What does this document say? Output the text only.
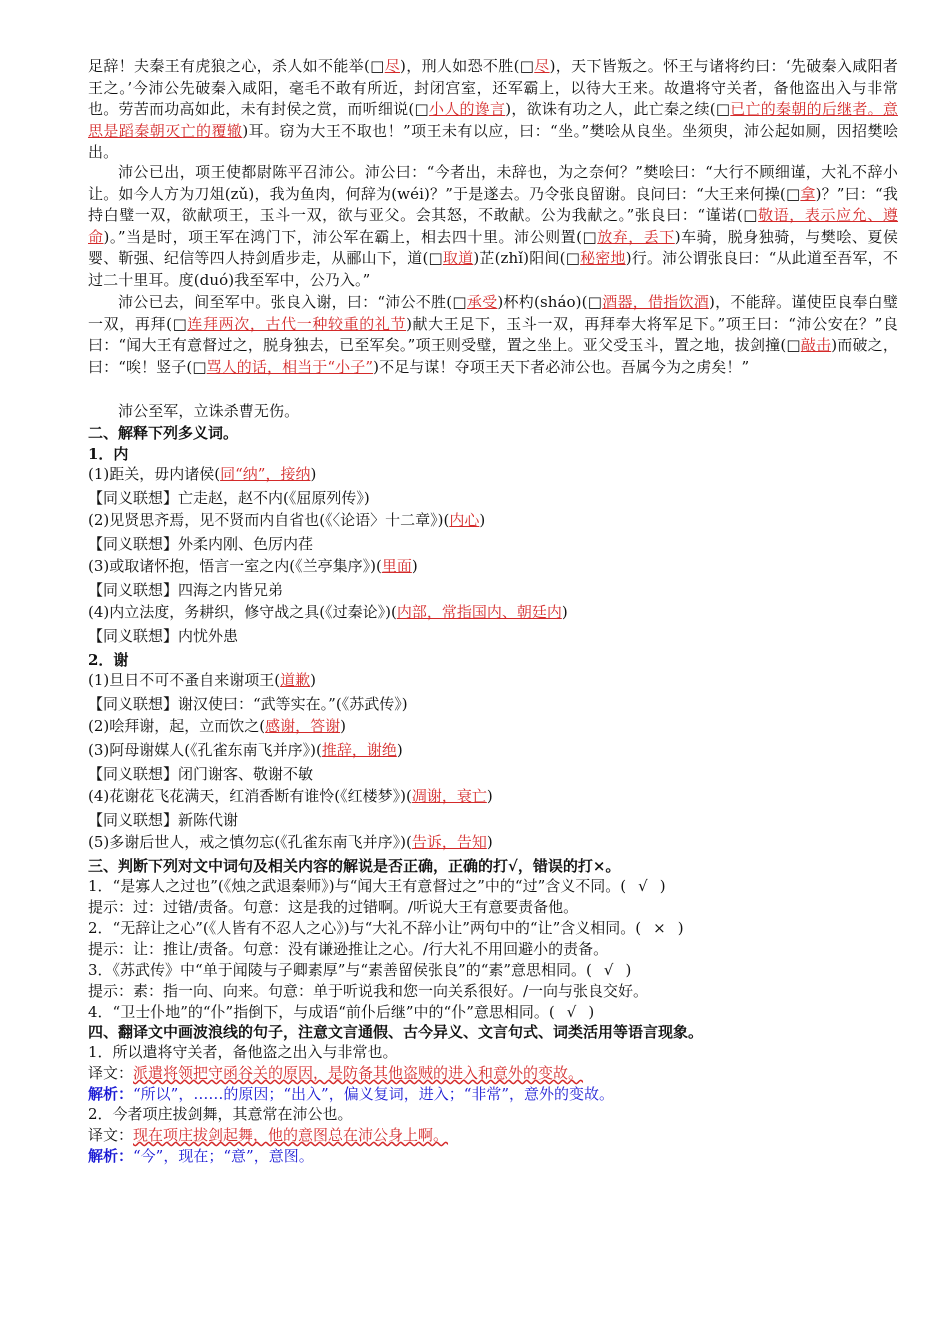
足辞！夫秦王有虎狼之心，杀人如不能举(□尽)，刑人如恐不胜(□尽)，天下皆叛之。怀王与诸将约曰：‘先破秦入咸阳者王之。’今沛公先破秦入咸阳，毫毛不敢有所近，封闭宫室，还军霸上，以待大王来。故遣将守关者，备他盗出入与非常也。劳苦而功高如此，未有封侯之赏，而听细说(□小人的谗言)，欲诛有功之人，此亡秦之续(□已亡的秦朝的后继者。意思是蹈秦朝灭亡的覆辙)耳。窃为大王不取也！”项王未有以应，曰：“坐。”樊哙从良坐。坐须臾，沛公起如厕，因招樊哙出。

沛公已出，项王使都尉陈平召沛公。沛公曰：“今者出，未辞也，为之奈何？”樊哙曰：“大行不顾细谨，大礼不辞小让。如今人方为刀俎(zǔ)，我为鱼肉，何辞为(wéi)？”于是遂去。乃令张良留谢。良问曰：“大王来何操(□拿)？”曰：“我持白璧一双，欲献项王，玉斗一双，欲与亚父。会其怒，不敢献。公为我献之。”张良曰：“谨诺(□敬语，表示应允、遵命)。”当是时，项王军在鸿门下，沛公军在霸上，相去四十里。沛公则置(□放弃，丢下)车骑，脱身独骑，与樊哙、夏侯婴、靳强、纪信等四人持剑盾步走，从郦山下，道(□取道)芷(zhǐ)阳间(□秘密地)行。沛公谓张良曰：“从此道至吾军，不过二十里耳。度(duó)我至军中，公乃入。”

沛公已去，间至军中。张良入谢，曰：“沛公不胜(□承受)杯杓(sháo)(□酒器，借指饮酒)，不能辞。谨使臣良奉白璧一双，再拜(□连拜两次，古代一种较重的礼节)献大王足下，玉斗一双，再拜奉大将军足下。”项王曰：“沛公安在？”良曰：“闻大王有意督过之，脱身独去，已至军矣。”项王则受璧，置之坐上。亚父受玉斗，置之地，拔剑撞(□敲击)而破之，曰：“唉！竖子(□骂人的话，相当于“小子”)不足与谋！夺项王天下者必沛公也。吾属今为之虏矣！”

沛公至军，立诛杀曹无伤。

二、解释下列多义词。
1．内
(1)距关，毋内诸侯(同“纳”，接纳)
【同义联想】亡走赵，赵不内(《屈原列传》)
(2)见贤思齐焉，见不贤而内自省也(《〈论语〉十二章》)(内心)
【同义联想】外柔内刚、色厉内荏
(3)或取诸怀抱，悟言一室之内(《兰亭集序》)(里面)
【同义联想】四海之内皆兄弟
(4)内立法度，务耕织，修守战之具(《过秦论》)(内部，常指国内、朝廷内)
【同义联想】内忧外患
2．谢
(1)旦日不可不蚤自来谢项王(道歉)
【同义联想】谢汉使曰：“武等实在。”(《苏武传》)
(2)哙拜谢，起，立而饮之(感谢，答谢)
(3)阿母谢媒人(《孔雀东南飞并序》)(推辞，谢绝)
【同义联想】闭门谢客、敬谢不敏
(4)花谢花飞花满天，红消香断有谁怜(《红楼梦》)(凋谢，衰亡)
【同义联想】新陈代谢
(5)多谢后世人，戒之慎勿忘(《孔雀东南飞并序》)(告诉，告知)
三、判断下列对文中词句及相关内容的解说是否正确，正确的打√，错误的打×。
1．“是寡人之过也”(《烛之武退秦师》)与“闻大王有意督过之”中的“过”含义不同。( √ )
提示：过：过错/责备。句意：这是我的过错啊。/听说大王有意要责备他。
2．“无辞让之心”(《人皆有不忍人之心》)与“大礼不辞小让”两句中的“让”含义相同。( × )
提示：让：推让/责备。句意：没有谦逊推让之心。/行大礼不用回避小的责备。
3．《苏武传》中“单于闻陵与子卿素厚”与“素善留侯张良”的“素”意思相同。( √ )
提示：素：指一向、向来。句意：单于听说我和您一向关系很好。/一向与张良交好。
4．“卫士仆地”的“仆”指倒下，与成语“前仆后继”中的“仆”意思相同。( √ )
四、翻译文中画波浪线的句子，注意文言通假、古今异义、文言句式、词类活用等语言现象。
1．所以遣将守关者，备他盗之出入与非常也。
译文：派遣将领把守函谷关的原因，是防备其他盗贼的进入和意外的变故。
解析：“所以”，……的原因；“出入”，偏义复词，进入；“非常”，意外的变故。
2．今者项庄拔剑舞，其意常在沛公也。
译文：现在项庄拔剑起舞，他的意图总在沛公身上啊。
解析：“今”，现在；“意”，意图。
